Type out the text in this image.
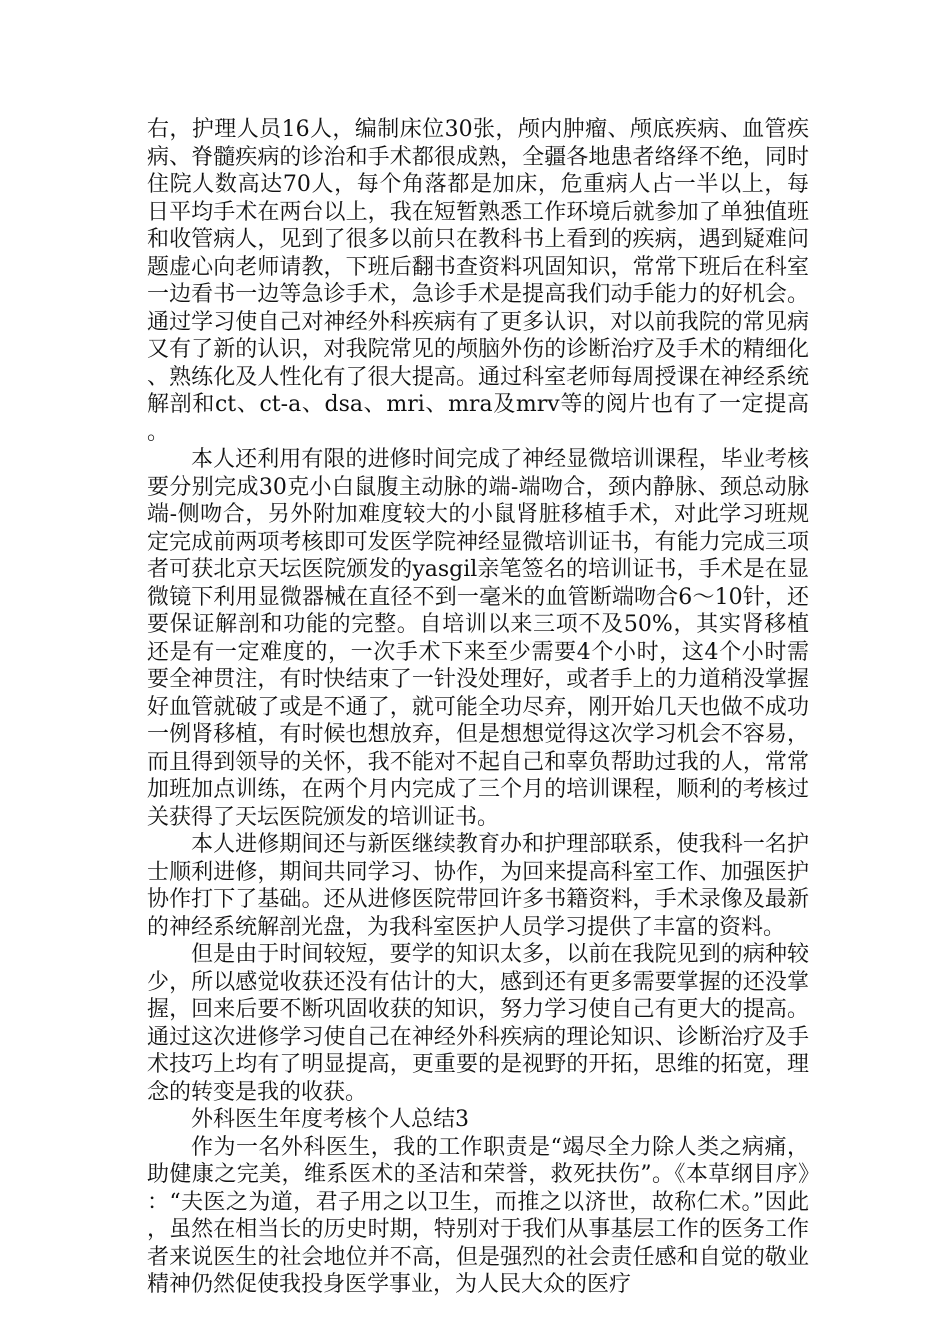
右，护理人员16人，编制床位30张，颅内肿瘤、颅底疾病、血管疾病、脊髓疾病的诊治和手术都很成熟，全疆各地患者络绎不绝，同时住院人数高达70人，每个角落都是加床，危重病人占一半以上，每日平均手术在两台以上，我在短暂熟悉工作环境后就参加了单独值班和收管病人，见到了很多以前只在教科书上看到的疾病，遇到疑难问题虚心向老师请教，下班后翻书查资料巩固知识，常常下班后在科室一边看书一边等急诊手术，急诊手术是提高我们动手能力的好机会。通过学习使自己对神经外科疾病有了更多认识，对以前我院的常见病又有了新的认识，对我院常见的颅脑外伤的诊断治疗及手术的精细化、熟练化及人性化有了很大提高。通过科室老师每周授课在神经系统解剖和ct、ct-a、dsa、mri、mra及mrv等的阅片也有了一定提高。

本人还利用有限的进修时间完成了神经显微培训课程，毕业考核要分别完成30克小白鼠腹主动脉的端-端吻合，颈内静脉、颈总动脉端-侧吻合，另外附加难度较大的小鼠肾脏移植手术，对此学习班规定完成前两项考核即可发医学院神经显微培训证书，有能力完成三项者可获北京天坛医院颁发的yasgil亲笔签名的培训证书，手术是在显微镜下利用显微器械在直径不到一毫米的血管断端吻合6～10针，还要保证解剖和功能的完整。自培训以来三项不及50%，其实肾移植还是有一定难度的，一次手术下来至少需要4个小时，这4个小时需要全神贯注，有时快结束了一针没处理好，或者手上的力道稍没掌握好血管就破了或是不通了，就可能全功尽弃，刚开始几天也做不成功一例肾移植，有时候也想放弃，但是想想觉得这次学习机会不容易，而且得到领导的关怀，我不能对不起自己和辜负帮助过我的人，常常加班加点训练，在两个月内完成了三个月的培训课程，顺利的考核过关获得了天坛医院颁发的培训证书。

本人进修期间还与新医继续教育办和护理部联系，使我科一名护士顺利进修，期间共同学习、协作，为回来提高科室工作、加强医护协作打下了基础。还从进修医院带回许多书籍资料，手术录像及最新的神经系统解剖光盘，为我科室医护人员学习提供了丰富的资料。

但是由于时间较短，要学的知识太多，以前在我院见到的病种较少，所以感觉收获还没有估计的大，感到还有更多需要掌握的还没掌握，回来后要不断巩固收获的知识，努力学习使自己有更大的提高。通过这次进修学习使自己在神经外科疾病的理论知识、诊断治疗及手术技巧上均有了明显提高，更重要的是视野的开拓，思维的拓宽，理念的转变是我的收获。

外科医生年度考核个人总结3

作为一名外科医生，我的工作职责是“竭尽全力除人类之病痛，助健康之完美，维系医术的圣洁和荣誉，救死扶伤”。《本草纲目序》：“夫医之为道，君子用之以卫生，而推之以济世，故称仁术。”因此，虽然在相当长的历史时期，特别对于我们从事基层工作的医务工作者来说医生的社会地位并不高，但是强烈的社会责任感和自觉的敬业精神仍然促使我投身医学事业，为人民大众的医疗
